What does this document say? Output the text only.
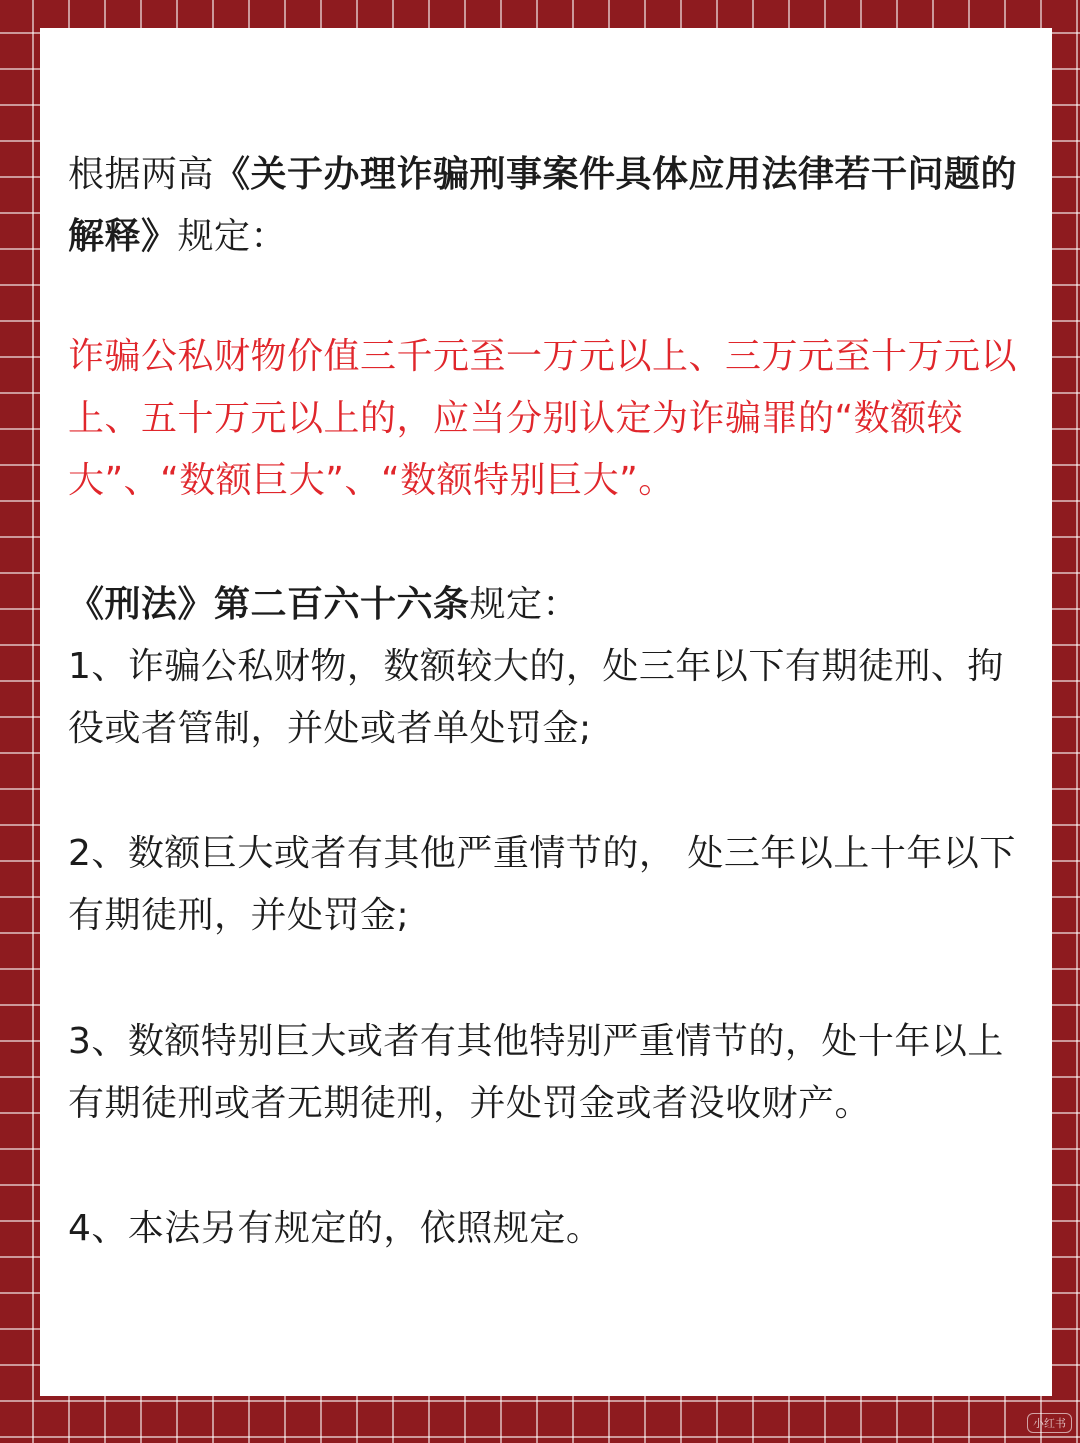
根据两高《关于办理诈骗刑事案件具体应用法律若干问题的解释》规定：

诈骗公私财物价值三千元至一万元以上、三万元至十万元以上、五十万元以上的，应当分别认定为诈骗罪的“数额较大”、“数额巨大”、“数额特别巨大”。

《刑法》第二百六十六条规定：

1、诈骗公私财物，数额较大的，处三年以下有期徒刑、拘役或者管制，并处或者单处罚金;

2、数额巨大或者有其他严重情节的， 处三年以上十年以下有期徒刑，并处罚金;

3、数额特别巨大或者有其他特别严重情节的，处十年以上有期徒刑或者无期徒刑，并处罚金或者没收财产。

4、本法另有规定的，依照规定。

小红书
